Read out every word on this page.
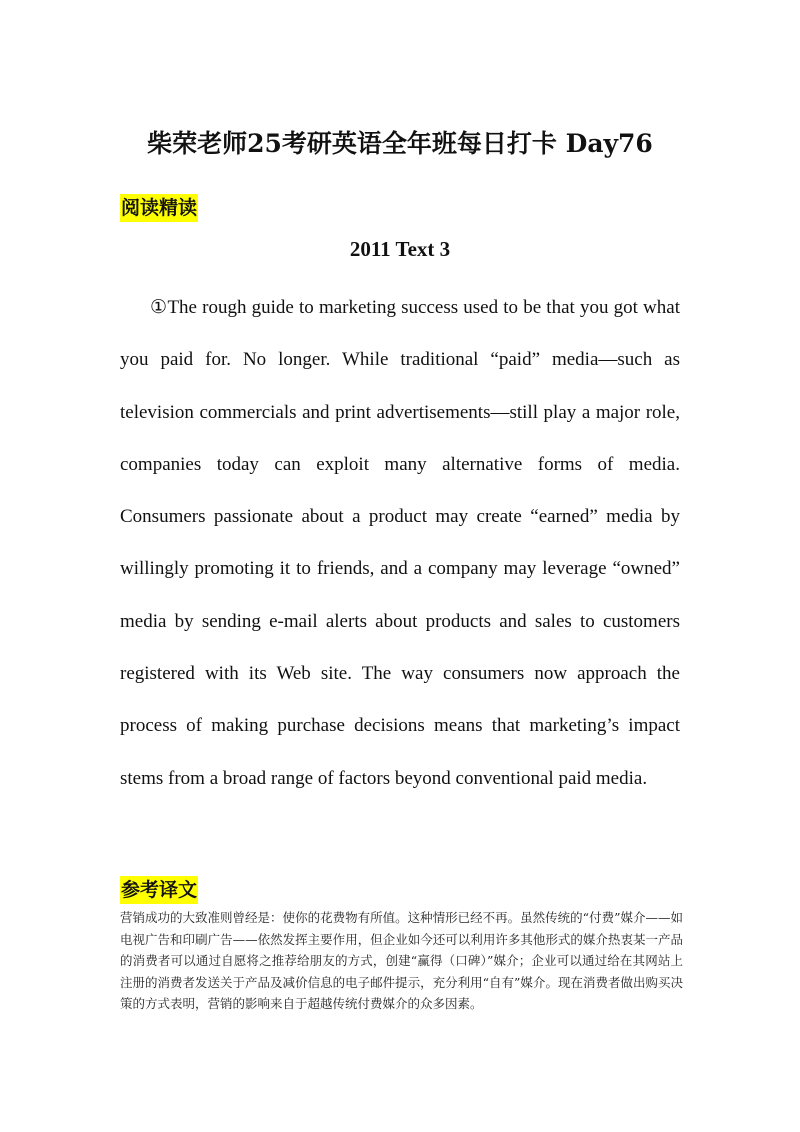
柴荣老师25考研英语全年班每日打卡 Day76
阅读精读
2011 Text 3

①The rough guide to marketing success used to be that you got what you paid for. No longer. While traditional “paid” media—such as television commercials and print advertisements—still play a major role, companies today can exploit many alternative forms of media. Consumers passionate about a product may create “earned” media by willingly promoting it to friends, and a company may leverage “owned” media by sending e-mail alerts about products and sales to customers registered with its Web site. The way consumers now approach the process of making purchase decisions means that marketing’s impact stems from a broad range of factors beyond conventional paid media.

参考译文

营销成功的大致准则曾经是：使你的花费物有所值。这种情形已经不再。虽然传统的“付费”媒介——如电视广告和印刷广告——依然发挥主要作用，但企业如今还可以利用许多其他形式的媒介热衷某一产品的消费者可以通过自愿将之推荐给朋友的方式，创建“赢得（口碑）”媒介；企业可以通过给在其网站上注册的消费者发送关于产品及减价信息的电子邮件提示，充分利用“自有”媒介。现在消费者做出购买决策的方式表明，营销的影响来自于超越传统付费媒介的众多因素。
